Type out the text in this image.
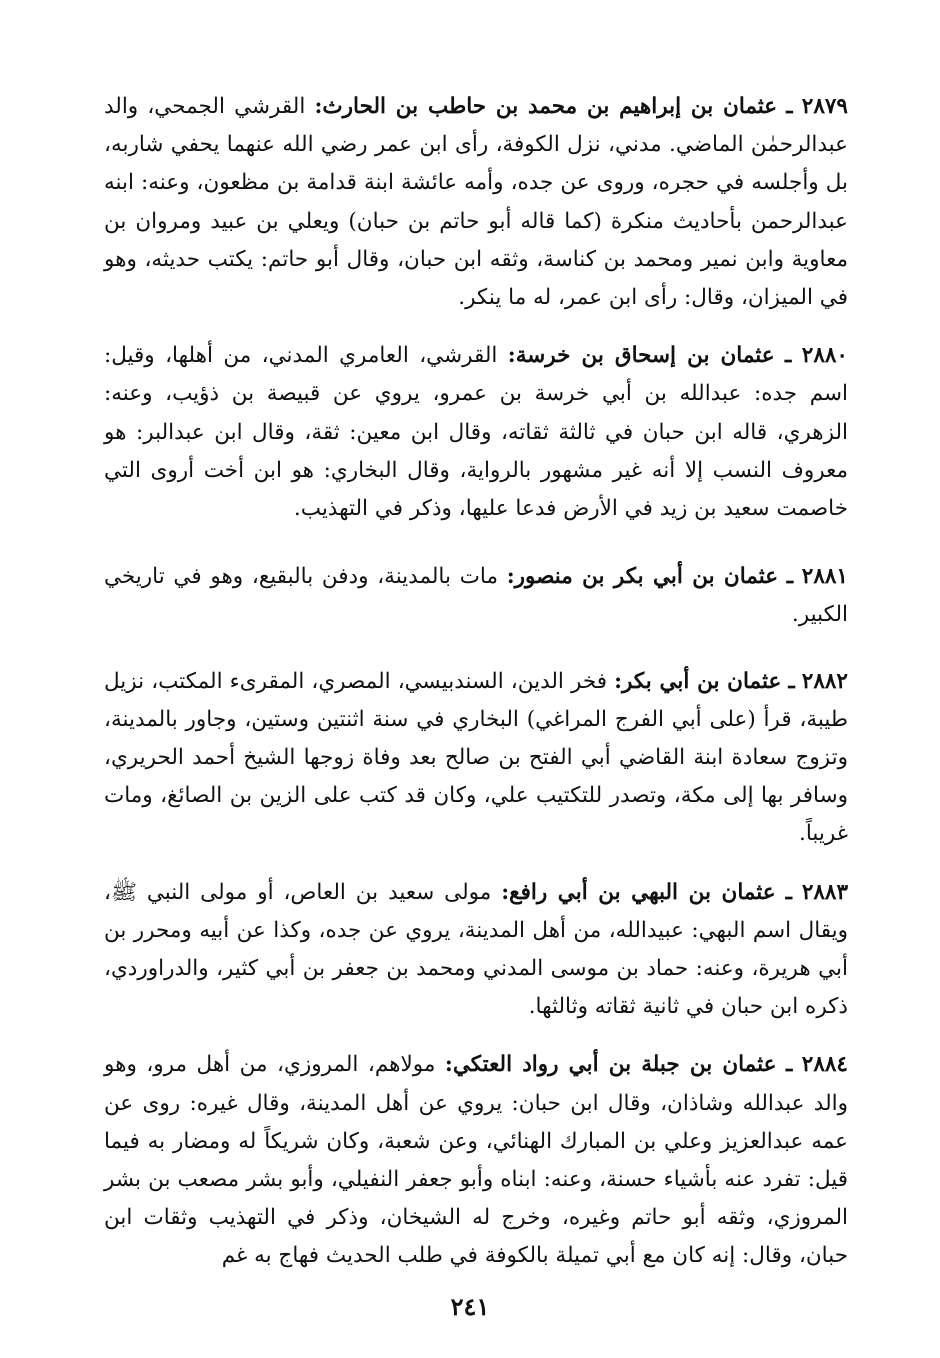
٢٨٧٩ ـ عثمان بن إبراهيم بن محمد بن حاطب بن الحارث: القرشي الجمحي، والد عبدالرحمٰن الماضي. مدني، نزل الكوفة، رأى ابن عمر رضي الله عنهما يحفي شاربه، بل وأجلسه في حجره، وروى عن جده، وأمه عائشة ابنة قدامة بن مظعون، وعنه: ابنه عبدالرحمن بأحاديث منكرة (كما قاله أبو حاتم بن حبان) ويعلي بن عبيد ومروان بن معاوية وابن نمير ومحمد بن كناسة، وثقه ابن حبان، وقال أبو حاتم: يكتب حديثه، وهو في الميزان، وقال: رأى ابن عمر، له ما ينكر.

٢٨٨٠ ـ عثمان بن إسحاق بن خرسة: القرشي، العامري المدني، من أهلها، وقيل: اسم جده: عبدالله بن أبي خرسة بن عمرو، يروي عن قبيصة بن ذؤيب، وعنه: الزهري، قاله ابن حبان في ثالثة ثقاته، وقال ابن معين: ثقة، وقال ابن عبدالبر: هو معروف النسب إلا أنه غير مشهور بالرواية، وقال البخاري: هو ابن أخت أروى التي خاصمت سعيد بن زيد في الأرض فدعا عليها، وذكر في التهذيب.

٢٨٨١ ـ عثمان بن أبي بكر بن منصور: مات بالمدينة، ودفن بالبقيع، وهو في تاريخي الكبير.

٢٨٨٢ ـ عثمان بن أبي بكر: فخر الدين، السندبيسي، المصري، المقرىء المكتب، نزيل طيبة، قرأ (على أبي الفرج المراغي) البخاري في سنة اثنتين وستين، وجاور بالمدينة، وتزوج سعادة ابنة القاضي أبي الفتح بن صالح بعد وفاة زوجها الشيخ أحمد الحريري، وسافر بها إلى مكة، وتصدر للتكتيب علي، وكان قد كتب على الزين بن الصائغ، ومات غريباً.

٢٨٨٣ ـ عثمان بن البهي بن أبي رافع: مولى سعيد بن العاص، أو مولى النبي ﷺ، ويقال اسم البهي: عبيدالله، من أهل المدينة، يروي عن جده، وكذا عن أبيه ومحرر بن أبي هريرة، وعنه: حماد بن موسى المدني ومحمد بن جعفر بن أبي كثير، والدراوردي، ذكره ابن حبان في ثانية ثقاته وثالثها.

٢٨٨٤ ـ عثمان بن جبلة بن أبي رواد العتكي: مولاهم، المروزي، من أهل مرو، وهو والد عبدالله وشاذان، وقال ابن حبان: يروي عن أهل المدينة، وقال غيره: روى عن عمه عبدالعزيز وعلي بن المبارك الهنائي، وعن شعبة، وكان شريكاً له ومضار به فيما قيل: تفرد عنه بأشياء حسنة، وعنه: ابناه وأبو جعفر النفيلي، وأبو بشر مصعب بن بشر المروزي، وثقه أبو حاتم وغيره، وخرج له الشيخان، وذكر في التهذيب وثقات ابن حبان، وقال: إنه كان مع أبي تميلة بالكوفة في طلب الحديث فهاج به غم

٢٤١
